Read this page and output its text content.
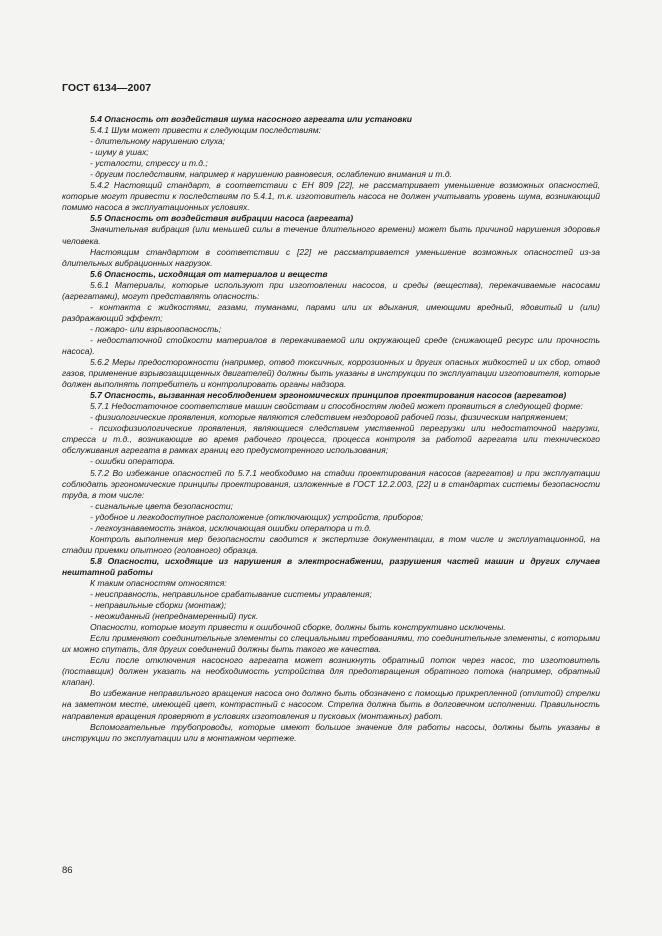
ГОСТ 6134—2007

5.4 Опасность от воздействия шума насосного агрегата или установки

5.4.1 Шум может привести к следующим последствиям:

- длительному нарушению слуха;

- шуму в ушах;

- усталости, стрессу и т.д.;

- другим последствиям, например к нарушению равновесия, ослаблению внимания и т.д.

5.4.2 Настоящий стандарт, в соответствии с ЕН 809 [22], не рассматривает уменьшение возможных опасностей, которые могут привести к последствиям по 5.4.1, т.к. изготовитель насоса не должен учитывать уровень шума, возникающий помимо насоса в эксплуатационных условиях.

5.5 Опасность от воздействия вибрации насоса (агрегата)

Значительная вибрация (или меньшей силы в течение длительного времени) может быть причиной нарушения здоровья человека.

Настоящим стандартом в соответствии с [22] не рассматривается уменьшение возможных опасностей из-за длительных вибрационных нагрузок.

5.6 Опасность, исходящая от материалов и веществ

5.6.1 Материалы, которые используют при изготовлении насосов, и среды (вещества), перекачиваемые насосами (агрегатами), могут представлять опасность:

- контакта с жидкостями, газами, туманами, парами или их вдыхания, имеющими вредный, ядовитый и (или) раздражающий эффект;

- пожаро- или взрывоопасность;

- недостаточной стойкости материалов в перекачиваемой или окружающей среде (снижающей ресурс или прочность насоса).

5.6.2 Меры предосторожности (например, отвод токсичных, коррозионных и других опасных жидкостей и их сбор, отвод газов, применение взрывозащищенных двигателей) должны быть указаны в инструкции по эксплуатации изготовителя, которые должен выполнять потребитель и контролировать органы надзора.

5.7 Опасность, вызванная несоблюдением эргономических принципов проектирования насосов (агрегатов)

5.7.1 Недостаточное соответствие машин свойствам и способностям людей может проявиться в следующей форме:

- физиологические проявления, которые являются следствием нездоровой рабочей позы, физическим напряжением;

- психофизиологические проявления, являющиеся следствием умственной перегрузки или недостаточной нагрузки, стресса и т.д., возникающие во время рабочего процесса, процесса контроля за работой агрегата или технического обслуживания агрегата в рамках границ его предусмотренного использования;

- ошибки оператора.

5.7.2 Во избежание опасностей по 5.7.1 необходимо на стадии проектирования насосов (агрегатов) и при эксплуатации соблюдать эргономические принципы проектирования, изложенные в ГОСТ 12.2.003, [22] и в стандартах системы безопасности труда, в том числе:

- сигнальные цвета безопасности;

- удобное и легкодоступное расположение (отключающих) устройств, приборов;

- легкоузнаваемость знаков, исключающая ошибки оператора и т.д.

Контроль выполнения мер безопасности сводится к экспертизе документации, в том числе и эксплуатационной, на стадии приемки опытного (головного) образца.

5.8 Опасности, исходящие из нарушения в электроснабжении, разрушения частей машин и других случаев нештатной работы

К таким опасностям относятся:

- неисправность, неправильное срабатывание системы управления;

- неправильные сборки (монтаж);

- неожиданный (непреднамеренный) пуск.

Опасности, которые могут привести к ошибочной сборке, должны быть конструктивно исключены.

Если применяют соединительные элементы со специальными требованиями, то соединительные элементы, с которыми их можно спутать, для других соединений должны быть такого же качества.

Если после отключения насосного агрегата может возникнуть обратный поток через насос, то изготовитель (поставщик) должен указать на необходимость устройства для предотвращения обратного потока (например, обратный клапан).

Во избежание неправильного вращения насоса оно должно быть обозначено с помощью прикрепленной (отлитой) стрелки на заметном месте, имеющей цвет, контрастный с насосом. Стрелка должна быть в долговечном исполнении. Правильность направления вращения проверяют в условиях изготовления и пусковых (монтажных) работ.

Вспомогательные трубопроводы, которые имеют большое значение для работы насосы, должны быть указаны в инструкции по эксплуатации или в монтажном чертеже.

86
